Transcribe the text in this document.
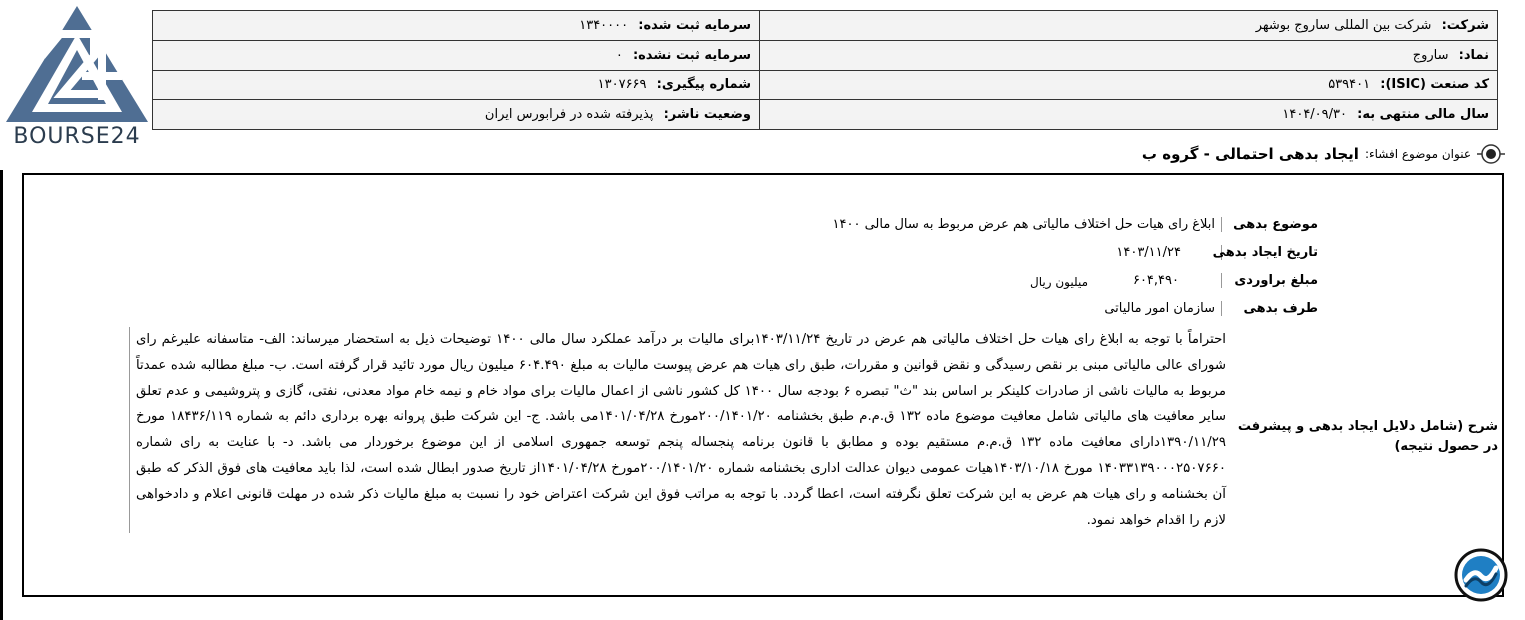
BOURSE24
شرکت: شرکت بین المللی ساروج بوشهر	سرمایه ثبت شده: ۱۳۴۰۰۰۰
نماد: ساروج	سرمایه ثبت نشده: ۰
کد صنعت (ISIC): ۵۳۹۴۰۱	شماره پیگیری: ۱۳۰۷۶۶۹
سال مالی منتهی به: ۱۴۰۴/۰۹/۳۰	وضعیت ناشر: پذیرفته شده در فرابورس ایران
عنوان موضوع افشاء:
ایجاد بدهی احتمالی - گروه ب
موضوع بدهی
ابلاغ رای هیات حل اختلاف مالیاتی هم عرض مربوط به سال مالی ۱۴۰۰
تاریخ ایجاد بدهی
۱۴۰۳/۱۱/۲۴
مبلغ براوردی
۶۰۴,۴۹۰
میلیون ریال
طرف بدهی
سازمان امور مالیاتی
شرح (شامل دلایل ایجاد بدهی و پیشرفت در حصول نتیجه)
احتراماً با توجه به ابلاغ رای هیات حل اختلاف مالیاتی هم عرض در تاریخ ۱۴۰۳/۱۱/۲۴برای مالیات بر درآمد عملکرد سال مالی ۱۴۰۰ توضیحات ذیل به استحضار میرساند: الف- متاسفانه علیرغم رای شورای عالی مالیاتی مبنی بر نقص رسیدگی و نقض قوانین و مقررات، طبق رای هیات هم عرض پیوست مالیات به مبلغ ۶۰۴.۴۹۰ میلیون ریال مورد تائید قرار گرفته است. ب- مبلغ مطالبه شده عمدتاً مربوط به مالیات ناشی از صادرات کلینکر بر اساس بند "ث" تبصره ۶ بودجه سال ۱۴۰۰ کل کشور ناشی از اعمال مالیات برای مواد خام و نیمه خام مواد معدنی، نفتی، گازی و پتروشیمی و عدم تعلق سایر معافیت های مالیاتی شامل معافیت موضوع ماده ۱۳۲ ق.م.م طبق بخشنامه ۲۰۰/۱۴۰۱/۲۰مورخ ۱۴۰۱/۰۴/۲۸می باشد. ج- این شرکت طبق پروانه بهره برداری دائم به شماره ۱۸۴۳۶/۱۱۹ مورخ ۱۳۹۰/۱۱/۲۹دارای معافیت ماده ۱۳۲ ق.م.م مستقیم بوده و مطابق با قانون برنامه پنجساله پنجم توسعه جمهوری اسلامی از این موضوع برخوردار می باشد. د- با عنایت به رای شماره ۱۴۰۳۳۱۳۹۰۰۰۲۵۰۷۶۶۰ مورخ ۱۴۰۳/۱۰/۱۸هیات عمومی دیوان عدالت اداری بخشنامه شماره ۲۰۰/۱۴۰۱/۲۰مورخ ۱۴۰۱/۰۴/۲۸از تاریخ صدور ابطال شده است، لذا باید معافیت های فوق الذکر که طبق آن بخشنامه و رای هیات هم عرض به این شرکت تعلق نگرفته است، اعطا گردد. با توجه به مراتب فوق این شرکت اعتراض خود را نسبت به مبلغ مالیات ذکر شده در مهلت قانونی اعلام و دادخواهی لازم را اقدام خواهد نمود.
